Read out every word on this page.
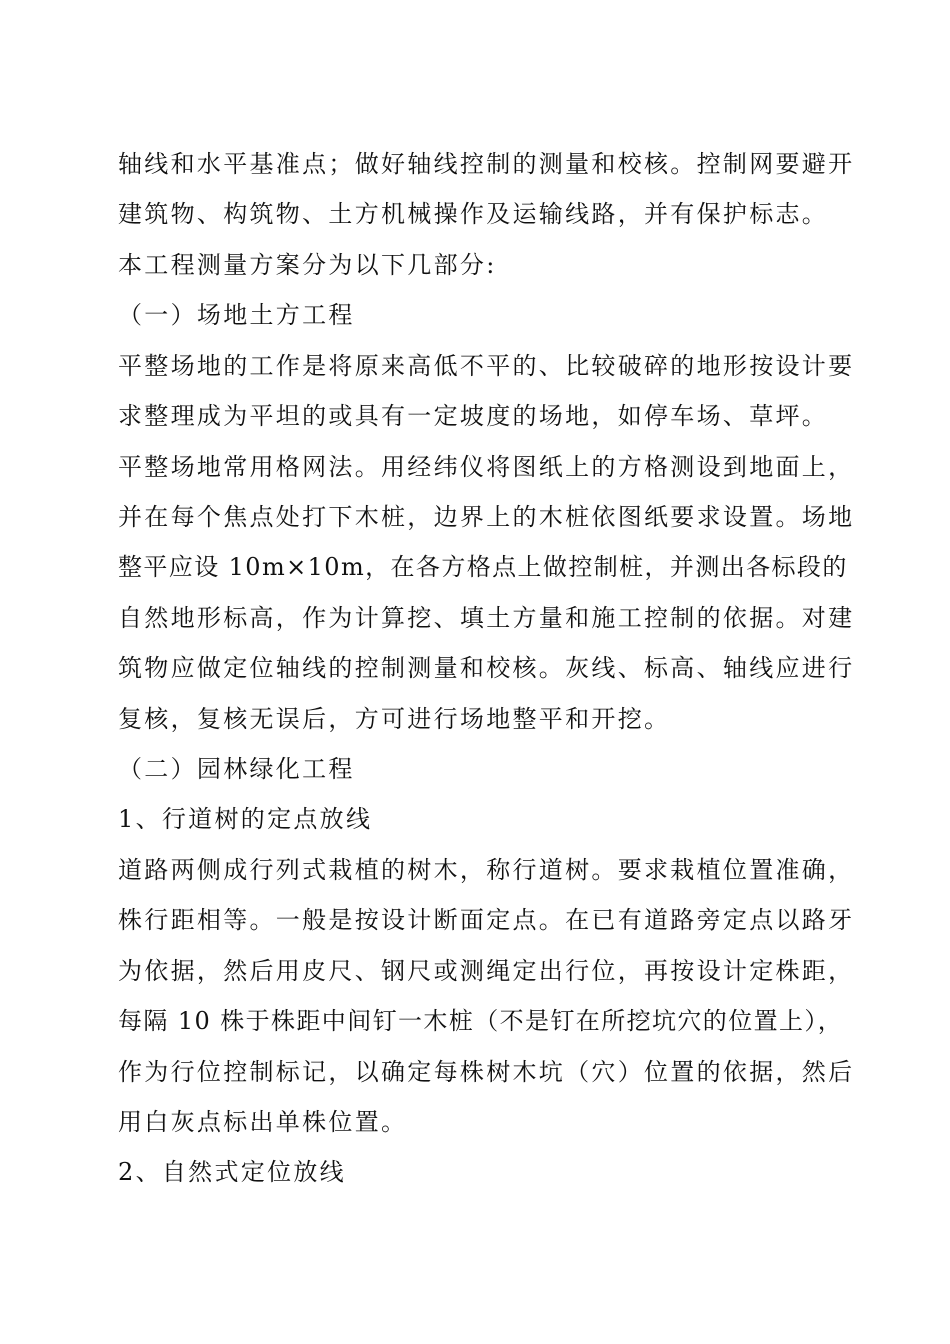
轴线和水平基准点；做好轴线控制的测量和校核。控制网要避开
建筑物、构筑物、土方机械操作及运输线路，并有保护标志。
本工程测量方案分为以下几部分:
（一）场地土方工程
平整场地的工作是将原来高低不平的、比较破碎的地形按设计要
求整理成为平坦的或具有一定坡度的场地，如停车场、草坪。
平整场地常用格网法。用经纬仪将图纸上的方格测设到地面上，
并在每个焦点处打下木桩，边界上的木桩依图纸要求设置。场地
整平应设 10m×10m，在各方格点上做控制桩，并测出各标段的
自然地形标高，作为计算挖、填土方量和施工控制的依据。对建
筑物应做定位轴线的控制测量和校核。灰线、标高、轴线应进行
复核，复核无误后，方可进行场地整平和开挖。
（二）园林绿化工程
1、行道树的定点放线
道路两侧成行列式栽植的树木，称行道树。要求栽植位置准确，
株行距相等。一般是按设计断面定点。在已有道路旁定点以路牙
为依据，然后用皮尺、钢尺或测绳定出行位，再按设计定株距，
每隔 10 株于株距中间钉一木桩（不是钉在所挖坑穴的位置上），
作为行位控制标记，以确定每株树木坑（穴）位置的依据，然后
用白灰点标出单株位置。
2、自然式定位放线
